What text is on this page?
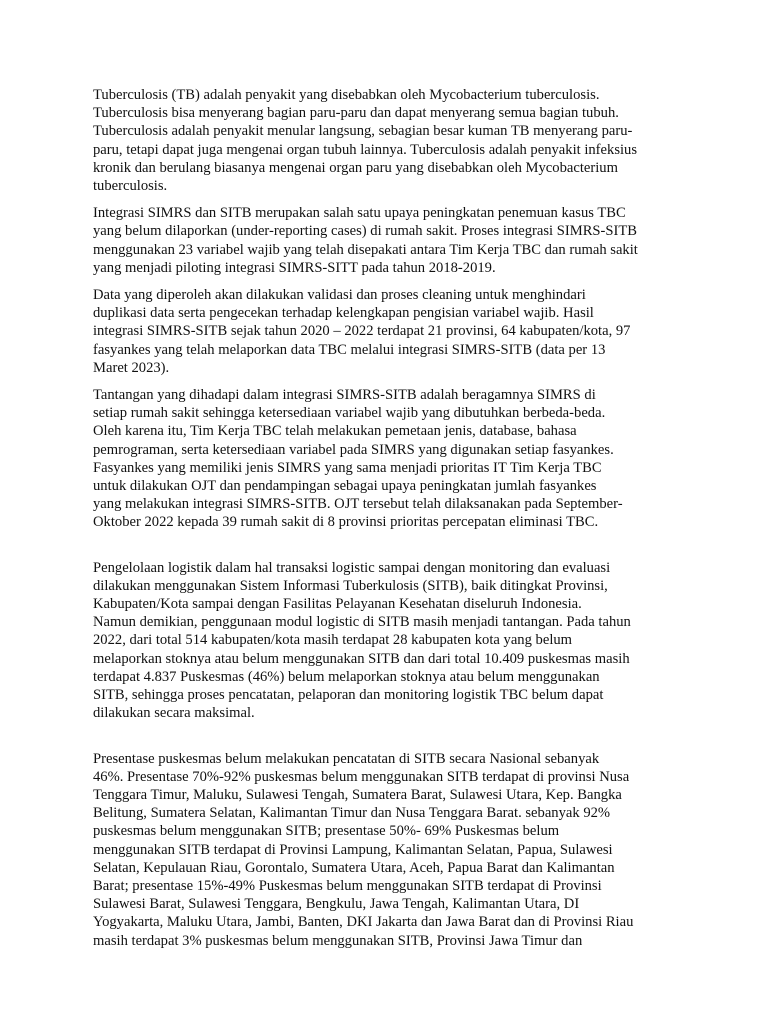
Tuberculosis (TB) adalah penyakit yang disebabkan oleh Mycobacterium tuberculosis.
Tuberculosis bisa menyerang bagian paru-paru dan dapat menyerang semua bagian tubuh.
Tuberculosis adalah penyakit menular langsung, sebagian besar kuman TB menyerang paru-
paru, tetapi dapat juga mengenai organ tubuh lainnya. Tuberculosis adalah penyakit infeksius
kronik dan berulang biasanya mengenai organ paru yang disebabkan oleh Mycobacterium
tuberculosis.

Integrasi SIMRS dan SITB merupakan salah satu upaya peningkatan penemuan kasus TBC
yang belum dilaporkan (under-reporting cases) di rumah sakit. Proses integrasi SIMRS-SITB
menggunakan 23 variabel wajib yang telah disepakati antara Tim Kerja TBC dan rumah sakit
yang menjadi piloting integrasi SIMRS-SITT pada tahun 2018-2019.

Data yang diperoleh akan dilakukan validasi dan proses cleaning untuk menghindari
duplikasi data serta pengecekan terhadap kelengkapan pengisian variabel wajib. Hasil
integrasi SIMRS-SITB sejak tahun 2020 – 2022 terdapat 21 provinsi, 64 kabupaten/kota, 97
fasyankes yang telah melaporkan data TBC melalui integrasi SIMRS-SITB (data per 13
Maret 2023).

Tantangan yang dihadapi dalam integrasi SIMRS-SITB adalah beragamnya SIMRS di
setiap rumah sakit sehingga ketersediaan variabel wajib yang dibutuhkan berbeda-beda.
Oleh karena itu, Tim Kerja TBC telah melakukan pemetaan jenis, database, bahasa
pemrograman, serta ketersediaan variabel pada SIMRS yang digunakan setiap fasyankes.
Fasyankes yang memiliki jenis SIMRS yang sama menjadi prioritas IT Tim Kerja TBC
untuk dilakukan OJT dan pendampingan sebagai upaya peningkatan jumlah fasyankes
yang melakukan integrasi SIMRS-SITB. OJT tersebut telah dilaksanakan pada September-
Oktober 2022 kepada 39 rumah sakit di 8 provinsi prioritas percepatan eliminasi TBC.

Pengelolaan logistik dalam hal transaksi logistic sampai dengan monitoring dan evaluasi
dilakukan menggunakan Sistem Informasi Tuberkulosis (SITB), baik ditingkat Provinsi,
Kabupaten/Kota sampai dengan Fasilitas Pelayanan Kesehatan diseluruh Indonesia.
Namun demikian, penggunaan modul logistic di SITB masih menjadi tantangan. Pada tahun
2022, dari total 514 kabupaten/kota masih terdapat 28 kabupaten kota yang belum
melaporkan stoknya atau belum menggunakan SITB dan dari total 10.409 puskesmas masih
terdapat 4.837 Puskesmas (46%) belum melaporkan stoknya atau belum menggunakan
SITB, sehingga proses pencatatan, pelaporan dan monitoring logistik TBC belum dapat
dilakukan secara maksimal.

Presentase puskesmas belum melakukan pencatatan di SITB secara Nasional sebanyak
46%. Presentase 70%-92% puskesmas belum menggunakan SITB terdapat di provinsi Nusa
Tenggara Timur, Maluku, Sulawesi Tengah, Sumatera Barat, Sulawesi Utara, Kep. Bangka
Belitung, Sumatera Selatan, Kalimantan Timur dan Nusa Tenggara Barat. sebanyak 92%
puskesmas belum menggunakan SITB; presentase 50%- 69% Puskesmas belum
menggunakan SITB terdapat di Provinsi Lampung, Kalimantan Selatan, Papua, Sulawesi
Selatan, Kepulauan Riau, Gorontalo, Sumatera Utara, Aceh, Papua Barat dan Kalimantan
Barat; presentase 15%-49% Puskesmas belum menggunakan SITB terdapat di Provinsi
Sulawesi Barat, Sulawesi Tenggara, Bengkulu, Jawa Tengah, Kalimantan Utara, DI
Yogyakarta, Maluku Utara, Jambi, Banten, DKI Jakarta dan Jawa Barat dan di Provinsi Riau
masih terdapat 3% puskesmas belum menggunakan SITB, Provinsi Jawa Timur dan
